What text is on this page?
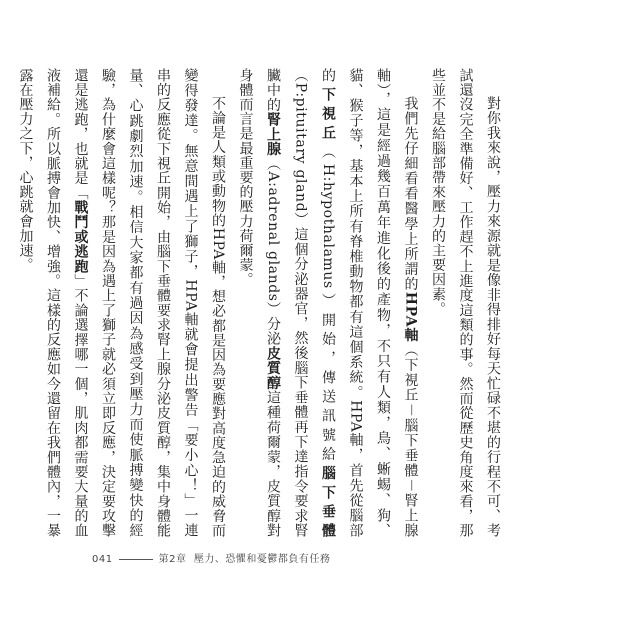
對你我來說，壓力來源就是像非得排好每天忙碌不堪的行程不可、考試還沒完全準備好、工作趕不上進度這類的事。然而從歷史角度來看，那些並不是給腦部帶來壓力的主要因素。

我們先仔細看看醫學上所謂的HPA軸（下視丘－腦下垂體－腎上腺軸），這是經過幾百萬年進化後的產物，不只有人類，鳥、蜥蜴、狗、貓、猴子等，基本上所有脊椎動物都有這個系統。HPA軸，首先從腦部的下視丘（H:hypothalamus）開始，傳送訊號給腦下垂體（P:pituitary gland）這個分泌器官，然後腦下垂體再下達指令要求腎臟中的腎上腺（A:adrenal glands）分泌皮質醇這種荷爾蒙，皮質醇對身體而言是最重要的壓力荷爾蒙。

不論是人類或動物的HPA軸，想必都是因為要應對高度急迫的威脅而變得發達。無意間遇上了獅子，HPA軸就會提出警告「要小心！」一連串的反應從下視丘開始，由腦下垂體要求腎上腺分泌皮質醇，集中身體能量、心跳劇烈加速。相信大家都有過因為感受到壓力而使脈搏變快的經驗，為什麼會這樣呢？那是因為遇上了獅子就必須立即反應，決定要攻擊還是逃跑，也就是「戰鬥或逃跑」不論選擇哪一個，肌肉都需要大量的血液補給。所以脈搏會加快、增強。這樣的反應如今還留在我們體內，一暴露在壓力之下，心跳就會加速。

041	第2章 壓力、恐懼和憂鬱都負有任務
